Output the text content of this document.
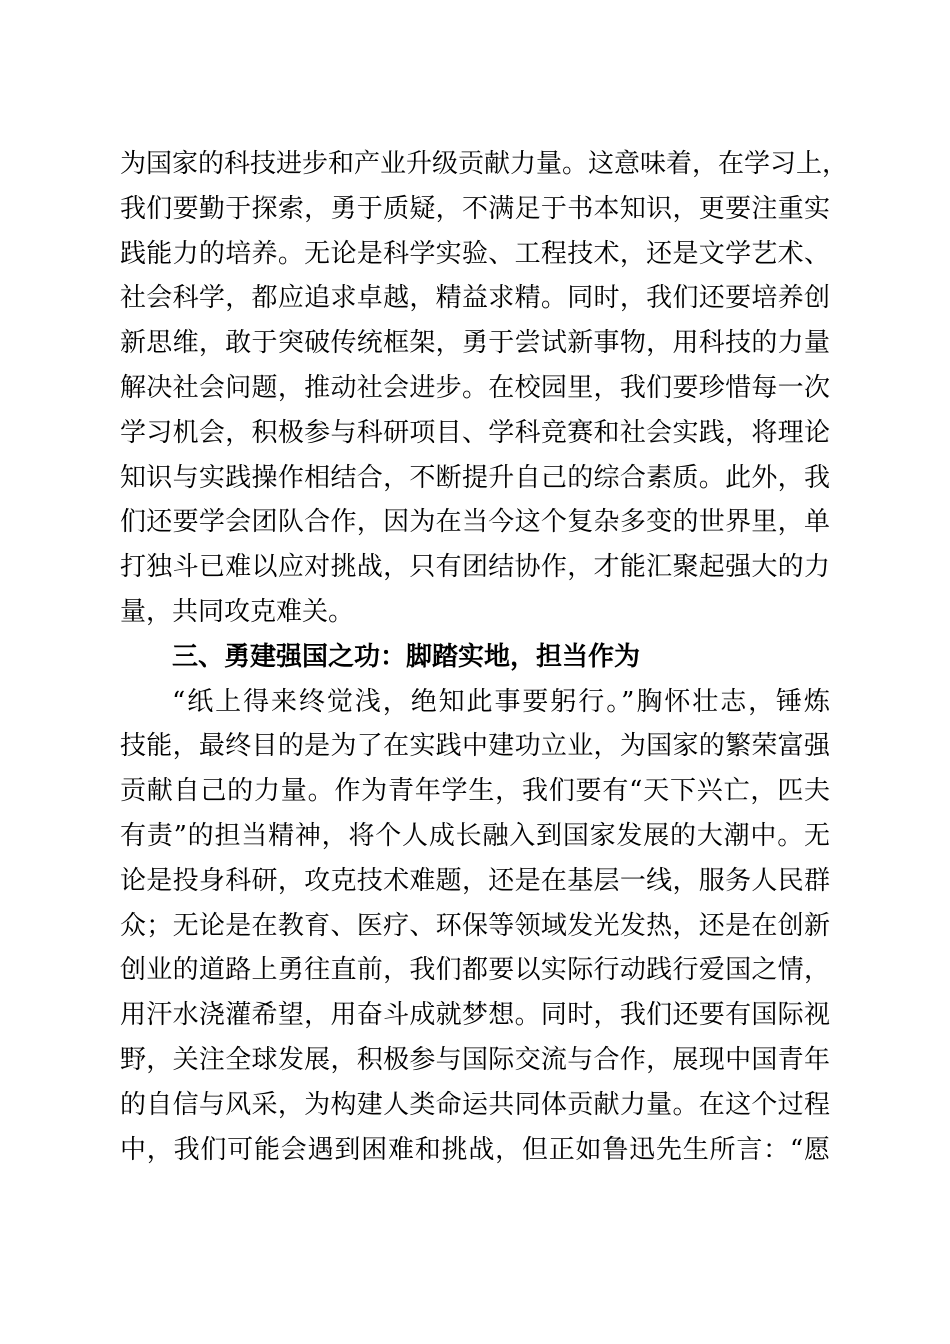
为国家的科技进步和产业升级贡献力量。这意味着，在学习上，
我们要勤于探索，勇于质疑，不满足于书本知识，更要注重实
践能力的培养。无论是科学实验、工程技术，还是文学艺术、
社会科学，都应追求卓越，精益求精。同时，我们还要培养创
新思维，敢于突破传统框架，勇于尝试新事物，用科技的力量
解决社会问题，推动社会进步。在校园里，我们要珍惜每一次
学习机会，积极参与科研项目、学科竞赛和社会实践，将理论
知识与实践操作相结合，不断提升自己的综合素质。此外，我
们还要学会团队合作，因为在当今这个复杂多变的世界里，单
打独斗已难以应对挑战，只有团结协作，才能汇聚起强大的力
量，共同攻克难关。
三、勇建强国之功：脚踏实地，担当作为
“纸上得来终觉浅，绝知此事要躬行。”胸怀壮志，锤炼
技能，最终目的是为了在实践中建功立业，为国家的繁荣富强
贡献自己的力量。作为青年学生，我们要有“天下兴亡，匹夫
有责”的担当精神，将个人成长融入到国家发展的大潮中。无
论是投身科研，攻克技术难题，还是在基层一线，服务人民群
众；无论是在教育、医疗、环保等领域发光发热，还是在创新
创业的道路上勇往直前，我们都要以实际行动践行爱国之情，
用汗水浇灌希望，用奋斗成就梦想。同时，我们还要有国际视
野，关注全球发展，积极参与国际交流与合作，展现中国青年
的自信与风采，为构建人类命运共同体贡献力量。在这个过程
中，我们可能会遇到困难和挑战，但正如鲁迅先生所言：“愿
